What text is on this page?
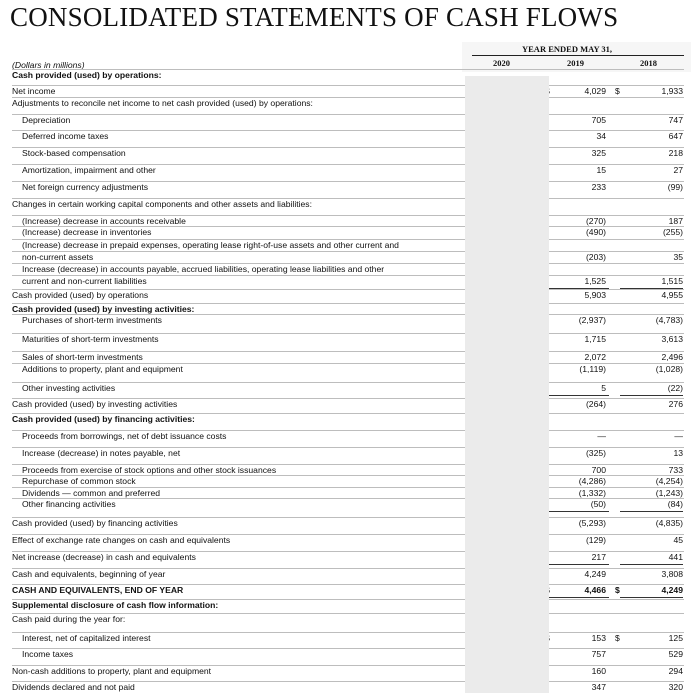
CONSOLIDATED STATEMENTS OF CASH FLOWS
YEAR ENDED MAY 31,
2020	2019	2018
(Dollars in millions)
Cash provided (used) by operations:
Net income	4,029	1,933
$
Adjustments to reconcile net income to net cash provided (used) by operations:
Depreciation	705	747
Deferred income taxes	34	647
Stock-based compensation	325	218
Amortization, impairment and other	15	27
Net foreign currency adjustments	233	(99)
Changes in certain working capital components and other assets and liabilities:
(Increase) decrease in accounts receivable	(270)	187
(Increase) decrease in inventories	(490)	(255)
(Increase) decrease in prepaid expenses, operating lease right-of-use assets and other current and
non-current assets	(203)	35
Increase (decrease) in accounts payable, accrued liabilities, operating lease liabilities and other
current and non-current liabilities	1,525	1,515
Cash provided (used) by operations	5,903	4,955
Cash provided (used) by investing activities:
Purchases of short-term investments	(2,937)	(4,783)
Maturities of short-term investments	1,715	3,613
Sales of short-term investments	2,072	2,496
Additions to property, plant and equipment	(1,119)	(1,028)
Other investing activities	5	(22)
Cash provided (used) by investing activities	(264)	276
Cash provided (used) by financing activities:
Proceeds from borrowings, net of debt issuance costs	—	—
Increase (decrease) in notes payable, net	(325)	13
Proceeds from exercise of stock options and other stock issuances	700	733
Repurchase of common stock	(4,286)	(4,254)
Dividends — common and preferred	(1,332)	(1,243)
Other financing activities	(50)	(84)
Cash provided (used) by financing activities	(5,293)	(4,835)
Effect of exchange rate changes on cash and equivalents	(129)	45
Net increase (decrease) in cash and equivalents	217	441
Cash and equivalents, beginning of year	4,249	3,808
CASH AND EQUIVALENTS, END OF YEAR	4,466	4,249
$
Supplemental disclosure of cash flow information:
Cash paid during the year for:
Interest, net of capitalized interest	153	125
$
Income taxes	757	529
Non-cash additions to property, plant and equipment	160	294
Dividends declared and not paid	347	320
